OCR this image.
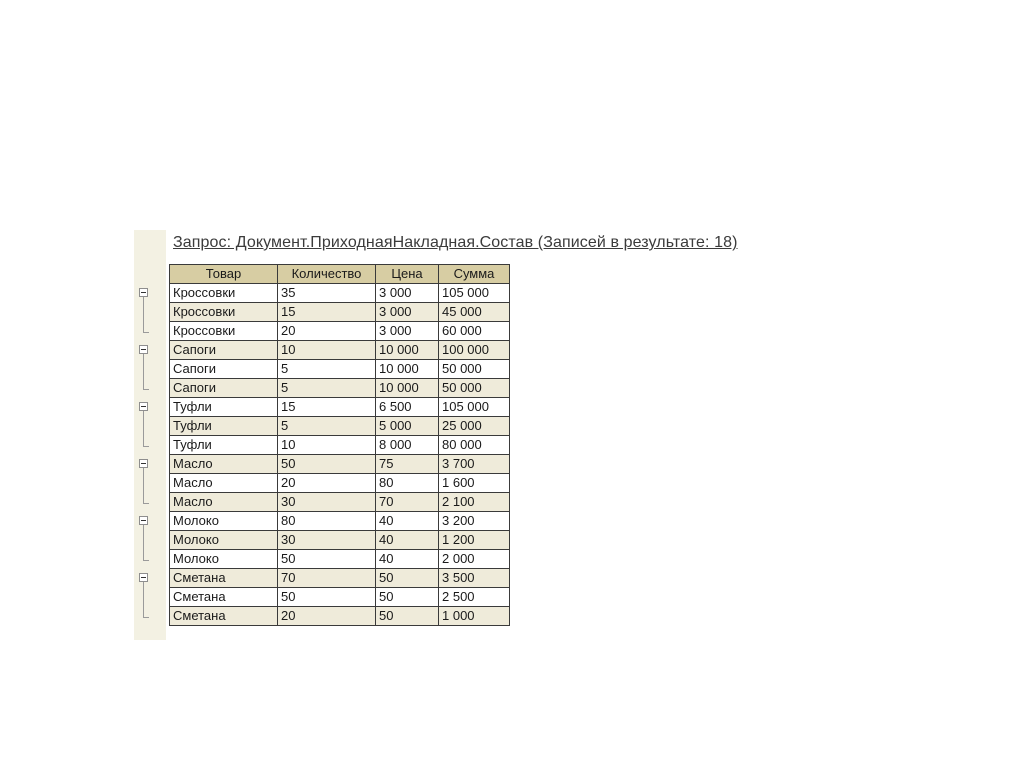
Запрос: Документ.ПриходнаяНакладная.Состав (Записей в результате: 18)
Товар	Количество	Цена	Сумма
Кроссовки	35	3 000	105 000
Кроссовки	15	3 000	45 000
Кроссовки	20	3 000	60 000
Сапоги	10	10 000	100 000
Сапоги	5	10 000	50 000
Сапоги	5	10 000	50 000
Туфли	15	6 500	105 000
Туфли	5	5 000	25 000
Туфли	10	8 000	80 000
Масло	50	75	3 700
Масло	20	80	1 600
Масло	30	70	2 100
Молоко	80	40	3 200
Молоко	30	40	1 200
Молоко	50	40	2 000
Сметана	70	50	3 500
Сметана	50	50	2 500
Сметана	20	50	1 000
